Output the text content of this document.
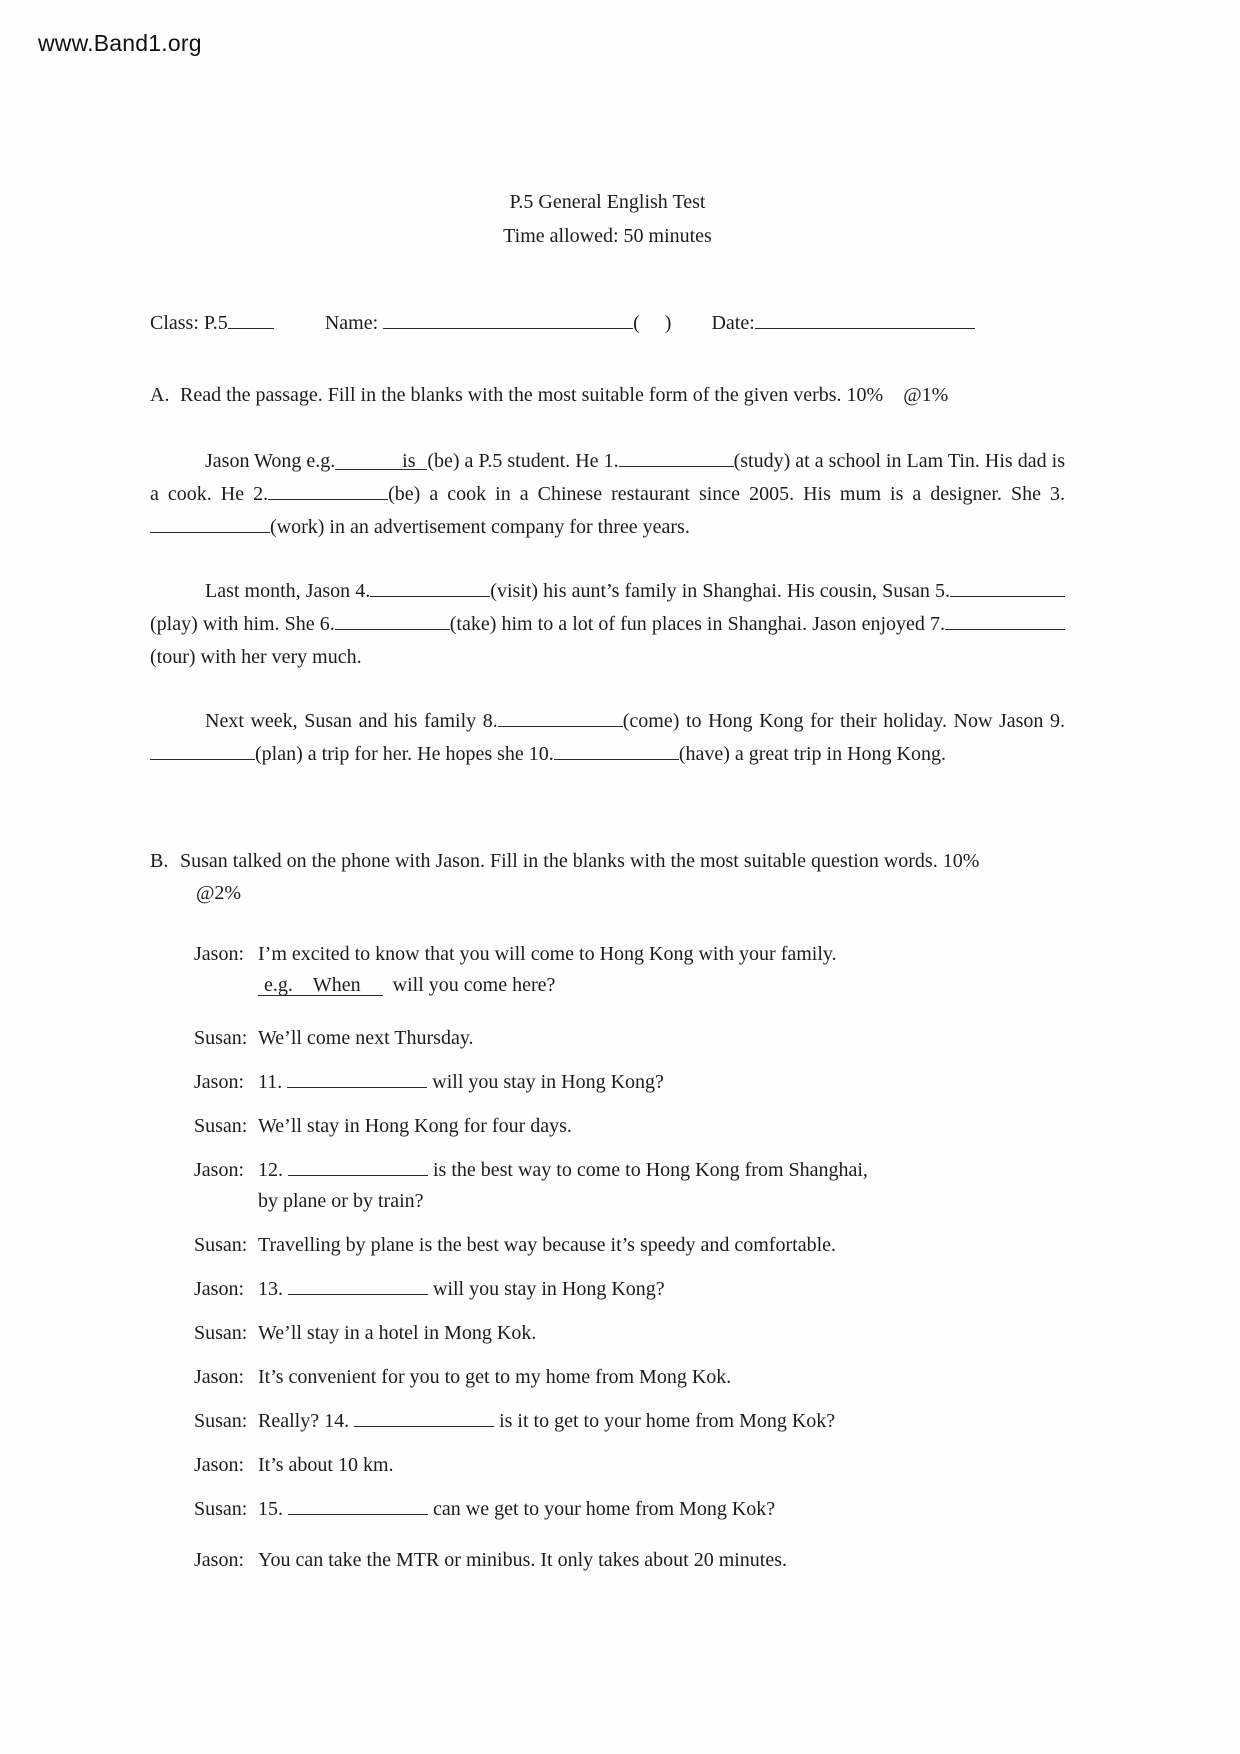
www.Band1.org
P.5 General English Test
Time allowed: 50 minutes
Class: P.5	Name:	(    ) Date:
A. Read the passage. Fill in the blanks with the most suitable form of the given verbs. 10% @1%

Jason Wong e.g.	is (be) a P.5 student. He 1.	(study) at a school in Lam Tin. His dad is a cook. He 2.	(be) a cook in a Chinese restaurant since 2005. His mum is a designer. She 3.(work) in an advertisement company for three years.

Last month, Jason 4.	(visit) his aunt’s family in Shanghai. His cousin, Susan 5.(play) with him. She 6.	(take) him to a lot of fun places in Shanghai. Jason enjoyed 7.(tour) with her very much.

Next week, Susan and his family 8.	(come) to Hong Kong for their holiday. Now Jason 9.(plan) a trip for her. He hopes she 10.	(have) a great trip in Hong Kong.

B. Susan talked on the phone with Jason. Fill in the blanks with the most suitable question words. 10%
@2%
Jason: I’m excited to know that you will come to Hong Kong with your family.
e.g.    When will you come here?
Susan: We’ll come next Thursday.
Jason: 11.	will you stay in Hong Kong?
Susan: We’ll stay in Hong Kong for four days.
Jason: 12.	is the best way to come to Hong Kong from Shanghai,
by plane or by train?
Susan: Travelling by plane is the best way because it’s speedy and comfortable.
Jason: 13.	will you stay in Hong Kong?
Susan: We’ll stay in a hotel in Mong Kok.
Jason: It’s convenient for you to get to my home from Mong Kok.
Susan: Really? 14.	is it to get to your home from Mong Kok?
Jason: It’s about 10 km.
Susan: 15.	can we get to your home from Mong Kok?
Jason: You can take the MTR or minibus. It only takes about 20 minutes.
